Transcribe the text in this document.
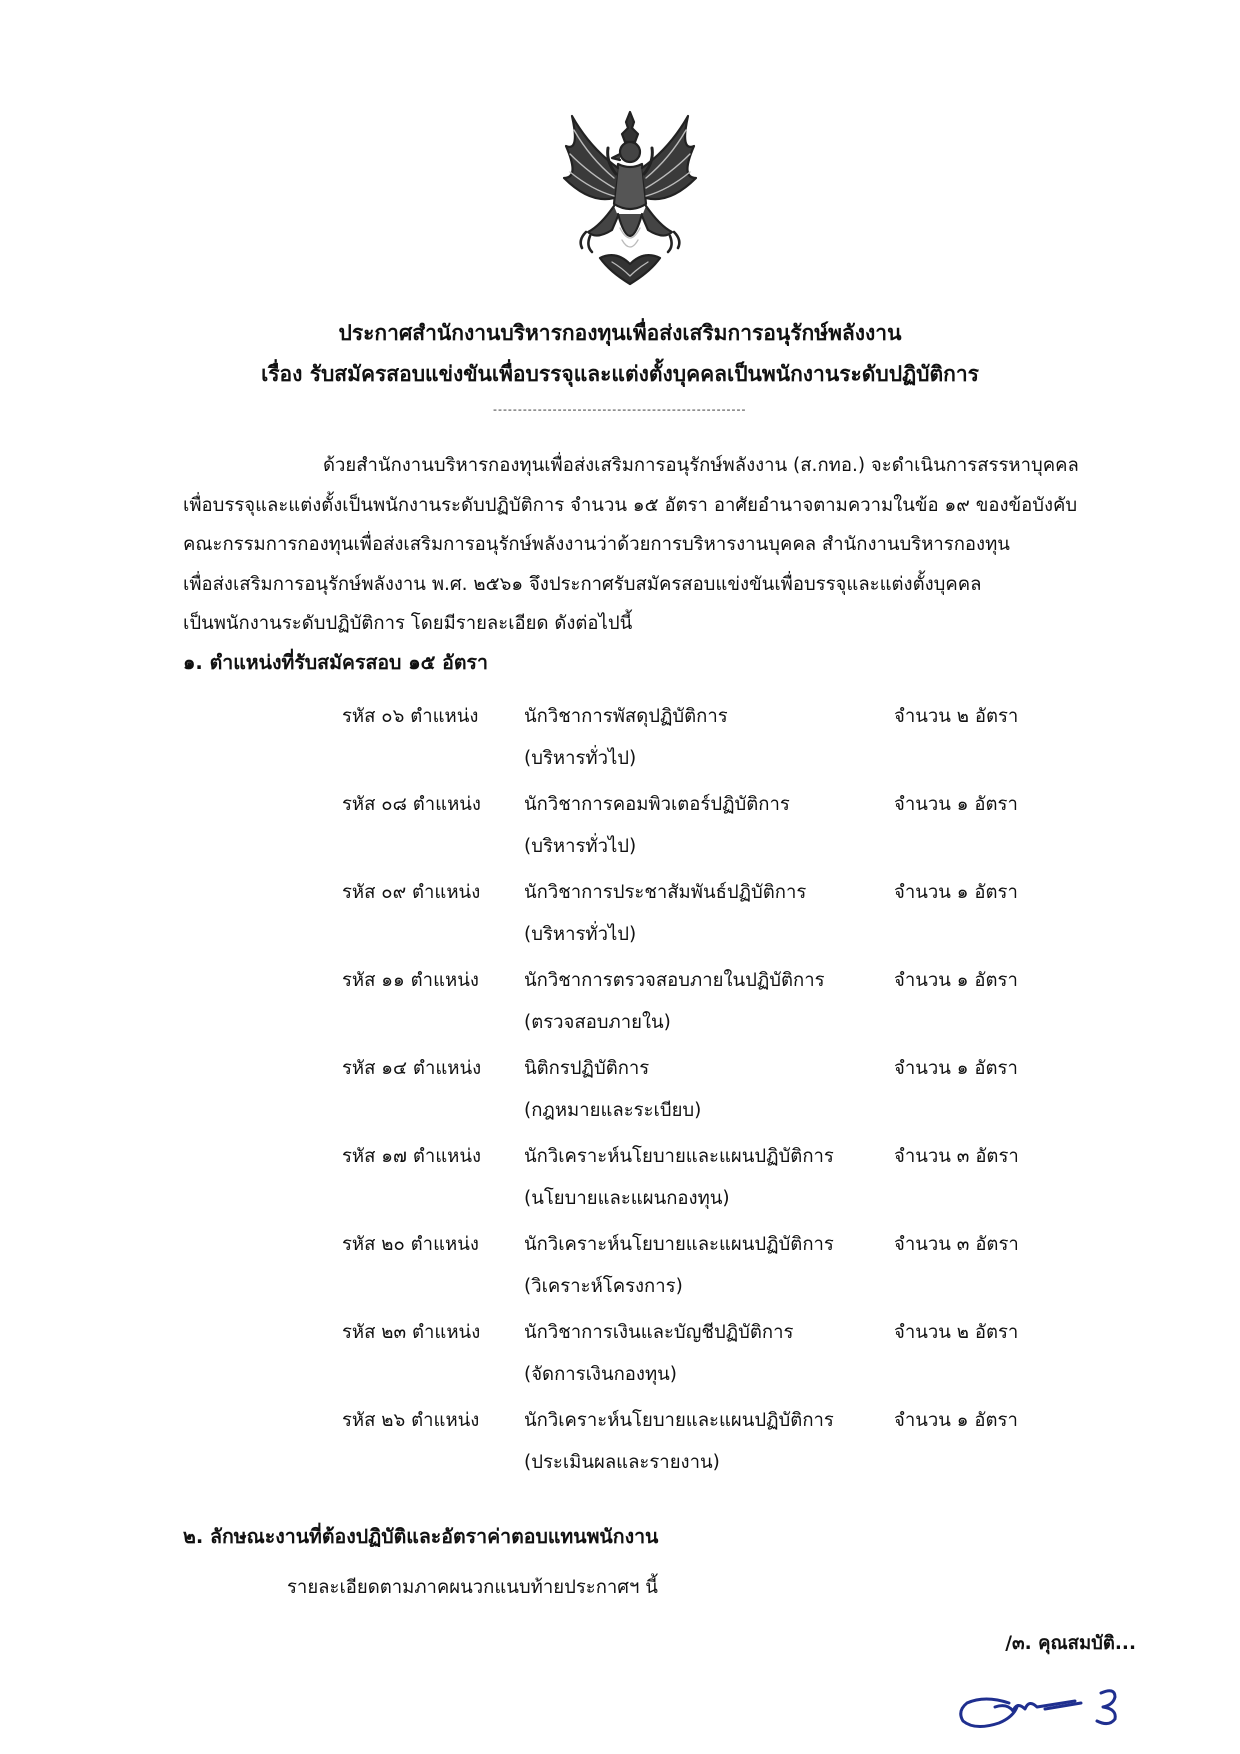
ประกาศสำนักงานบริหารกองทุนเพื่อส่งเสริมการอนุรักษ์พลังงาน
เรื่อง รับสมัครสอบแข่งขันเพื่อบรรจุและแต่งตั้งบุคคลเป็นพนักงานระดับปฏิบัติการ
---------------------------------------------------

ด้วยสำนักงานบริหารกองทุนเพื่อส่งเสริมการอนุรักษ์พลังงาน (ส.กทอ.) จะดำเนินการสรรหาบุคคล
เพื่อบรรจุและแต่งตั้งเป็นพนักงานระดับปฏิบัติการ จำนวน ๑๕ อัตรา อาศัยอำนาจตามความในข้อ ๑๙ ของข้อบังคับ
คณะกรรมการกองทุนเพื่อส่งเสริมการอนุรักษ์พลังงานว่าด้วยการบริหารงานบุคคล สำนักงานบริหารกองทุน
เพื่อส่งเสริมการอนุรักษ์พลังงาน พ.ศ. ๒๕๖๑ จึงประกาศรับสมัครสอบแข่งขันเพื่อบรรจุและแต่งตั้งบุคคล
เป็นพนักงานระดับปฏิบัติการ โดยมีรายละเอียด ดังต่อไปนี้

๑. ตำแหน่งที่รับสมัครสอบ ๑๕ อัตรา
รหัส ๐๖ ตำแหน่ง นักวิชาการพัสดุปฏิบัติการ
(บริหารทั่วไป)
จำนวน ๒ อัตรา
รหัส ๐๘ ตำแหน่ง นักวิชาการคอมพิวเตอร์ปฏิบัติการ
(บริหารทั่วไป)
จำนวน ๑ อัตรา
รหัส ๐๙ ตำแหน่ง นักวิชาการประชาสัมพันธ์ปฏิบัติการ
(บริหารทั่วไป)
จำนวน ๑ อัตรา
รหัส ๑๑ ตำแหน่ง นักวิชาการตรวจสอบภายในปฏิบัติการ
(ตรวจสอบภายใน)
จำนวน ๑ อัตรา
รหัส ๑๔ ตำแหน่ง นิติกรปฏิบัติการ
(กฎหมายและระเบียบ)
จำนวน ๑ อัตรา
รหัส ๑๗ ตำแหน่ง นักวิเคราะห์นโยบายและแผนปฏิบัติการ
(นโยบายและแผนกองทุน)
จำนวน ๓ อัตรา
รหัส ๒๐ ตำแหน่ง นักวิเคราะห์นโยบายและแผนปฏิบัติการ
(วิเคราะห์โครงการ)
จำนวน ๓ อัตรา
รหัส ๒๓ ตำแหน่ง นักวิชาการเงินและบัญชีปฏิบัติการ
(จัดการเงินกองทุน)
จำนวน ๒ อัตรา
รหัส ๒๖ ตำแหน่ง นักวิเคราะห์นโยบายและแผนปฏิบัติการ
(ประเมินผลและรายงาน)
จำนวน ๑ อัตรา
๒. ลักษณะงานที่ต้องปฏิบัติและอัตราค่าตอบแทนพนักงาน

รายละเอียดตามภาคผนวกแนบท้ายประกาศฯ นี้

/๓. คุณสมบัติ...
